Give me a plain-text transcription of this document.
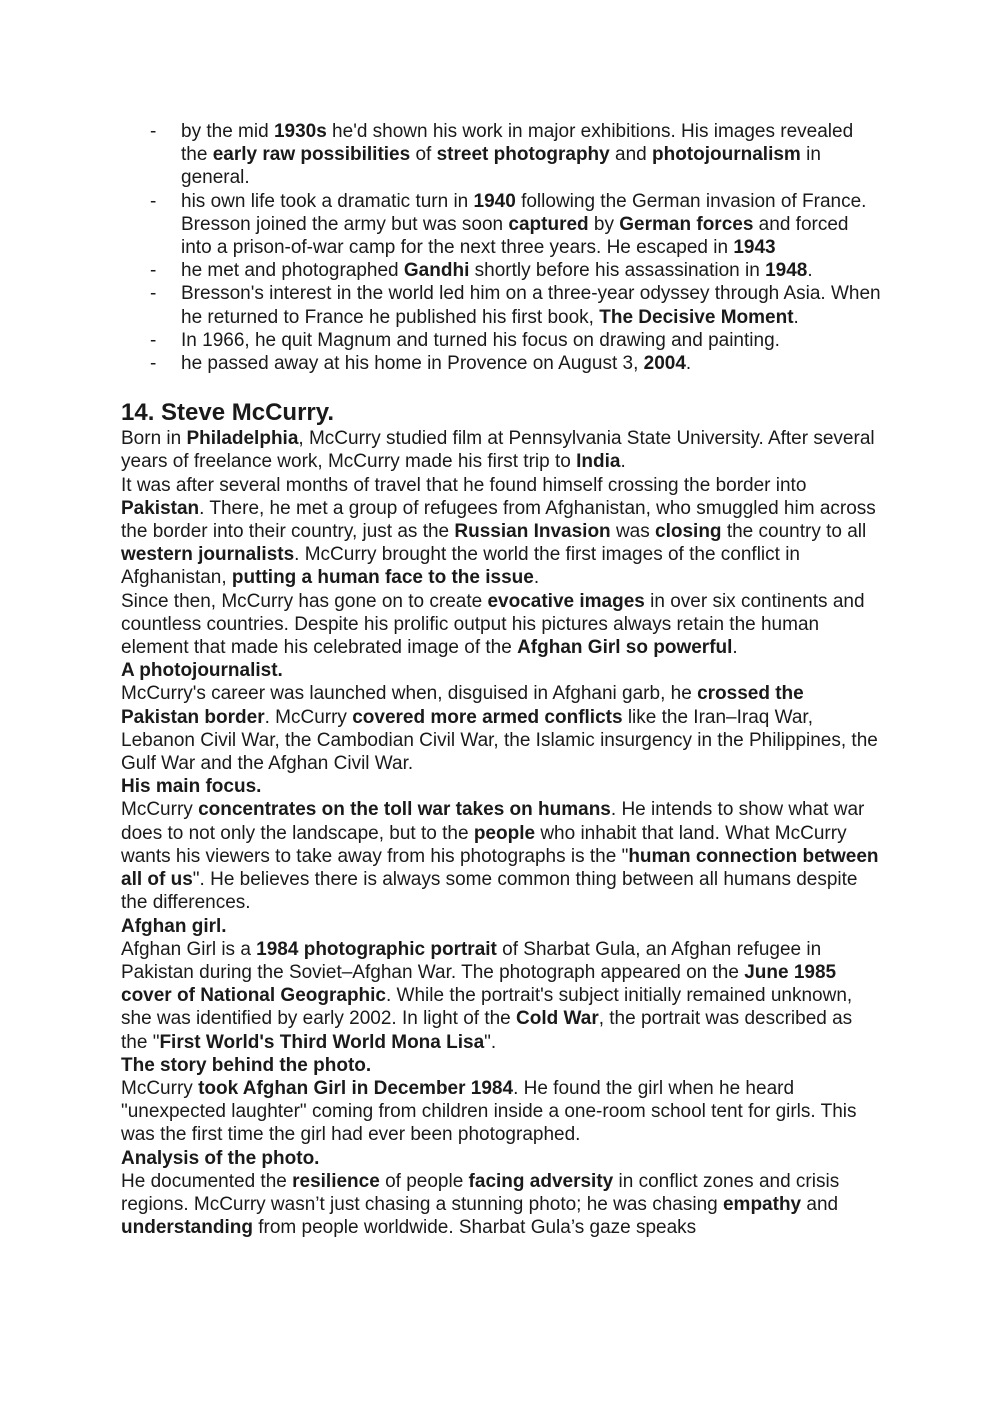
- by the mid 1930s he'd shown his work in major exhibitions. His images revealed the early raw possibilities of street photography and photojournalism in general.
- his own life took a dramatic turn in 1940 following the German invasion of France. Bresson joined the army but was soon captured by German forces and forced into a prison-of-war camp for the next three years. He escaped in 1943
- he met and photographed Gandhi shortly before his assassination in 1948.
- Bresson's interest in the world led him on a three-year odyssey through Asia. When he returned to France he published his first book, The Decisive Moment.
- In 1966, he quit Magnum and turned his focus on drawing and painting.
- he passed away at his home in Provence on August 3, 2004.
14. Steve McCurry.

Born in Philadelphia, McCurry studied film at Pennsylvania State University. After several years of freelance work, McCurry made his first trip to India.

It was after several months of travel that he found himself crossing the border into Pakistan. There, he met a group of refugees from Afghanistan, who smuggled him across the border into their country, just as the Russian Invasion was closing the country to all western journalists. McCurry brought the world the first images of the conflict in Afghanistan, putting a human face to the issue.

Since then, McCurry has gone on to create evocative images in over six continents and countless countries. Despite his prolific output his pictures always retain the human element that made his celebrated image of the Afghan Girl so powerful.

A photojournalist.

McCurry's career was launched when, disguised in Afghani garb, he crossed the Pakistan border. McCurry covered more armed conflicts like the Iran–Iraq War, Lebanon Civil War, the Cambodian Civil War, the Islamic insurgency in the Philippines, the Gulf War and the Afghan Civil War.

His main focus.

McCurry concentrates on the toll war takes on humans. He intends to show what war does to not only the landscape, but to the people who inhabit that land. What McCurry wants his viewers to take away from his photographs is the "human connection between all of us". He believes there is always some common thing between all humans despite the differences.

Afghan girl.

Afghan Girl is a 1984 photographic portrait of Sharbat Gula, an Afghan refugee in Pakistan during the Soviet–Afghan War. The photograph appeared on the June 1985 cover of National Geographic. While the portrait's subject initially remained unknown, she was identified by early 2002. In light of the Cold War, the portrait was described as the "First World's Third World Mona Lisa".

The story behind the photo.

McCurry took Afghan Girl in December 1984. He found the girl when he heard "unexpected laughter" coming from children inside a one-room school tent for girls. This was the first time the girl had ever been photographed.

Analysis of the photo.

He documented the resilience of people facing adversity in conflict zones and crisis regions. McCurry wasn’t just chasing a stunning photo; he was chasing empathy and understanding from people worldwide. Sharbat Gula’s gaze speaks
